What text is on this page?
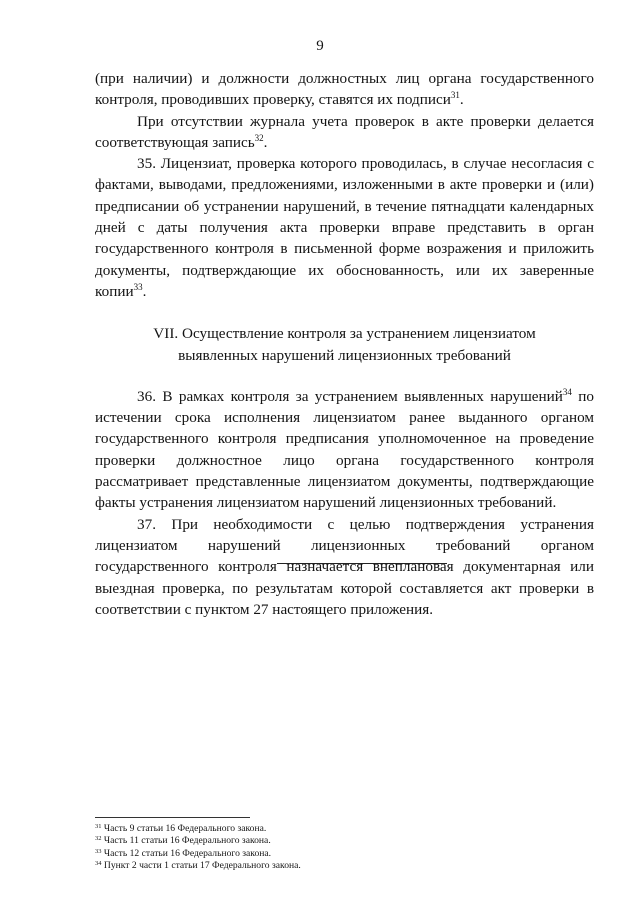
9

(при наличии) и должности должностных лиц органа государственного контроля, проводивших проверку, ставятся их подписи$^{31}$.

При отсутствии журнала учета проверок в акте проверки делается соответствующая запись$^{32}$.

35. Лицензиат, проверка которого проводилась, в случае несогласия с фактами, выводами, предложениями, изложенными в акте проверки и (или) предписании об устранении нарушений, в течение пятнадцати календарных дней с даты получения акта проверки вправе представить в орган государственного контроля в письменной форме возражения и приложить документы, подтверждающие их обоснованность, или их заверенные копии$^{33}$.

VII. Осуществление контроля за устранением лицензиатом
выявленных нарушений лицензионных требований

36. В рамках контроля за устранением выявленных нарушений$^{34}$ по истечении срока исполнения лицензиатом ранее выданного органом государственного контроля предписания уполномоченное на проведение проверки должностное лицо органа государственного контроля рассматривает представленные лицензиатом документы, подтверждающие факты устранения лицензиатом нарушений лицензионных требований.

37. При необходимости с целью подтверждения устранения лицензиатом нарушений лицензионных требований органом государственного контроля назначается внеплановая документарная или выездная проверка, по результатам которой составляется акт проверки в соответствии с пунктом 27 настоящего приложения.

$^{31}$ Часть 9 статьи 16 Федерального закона.
$^{32}$ Часть 11 статьи 16 Федерального закона.
$^{33}$ Часть 12 статьи 16 Федерального закона.
$^{34}$ Пункт 2 части 1 статьи 17 Федерального закона.
